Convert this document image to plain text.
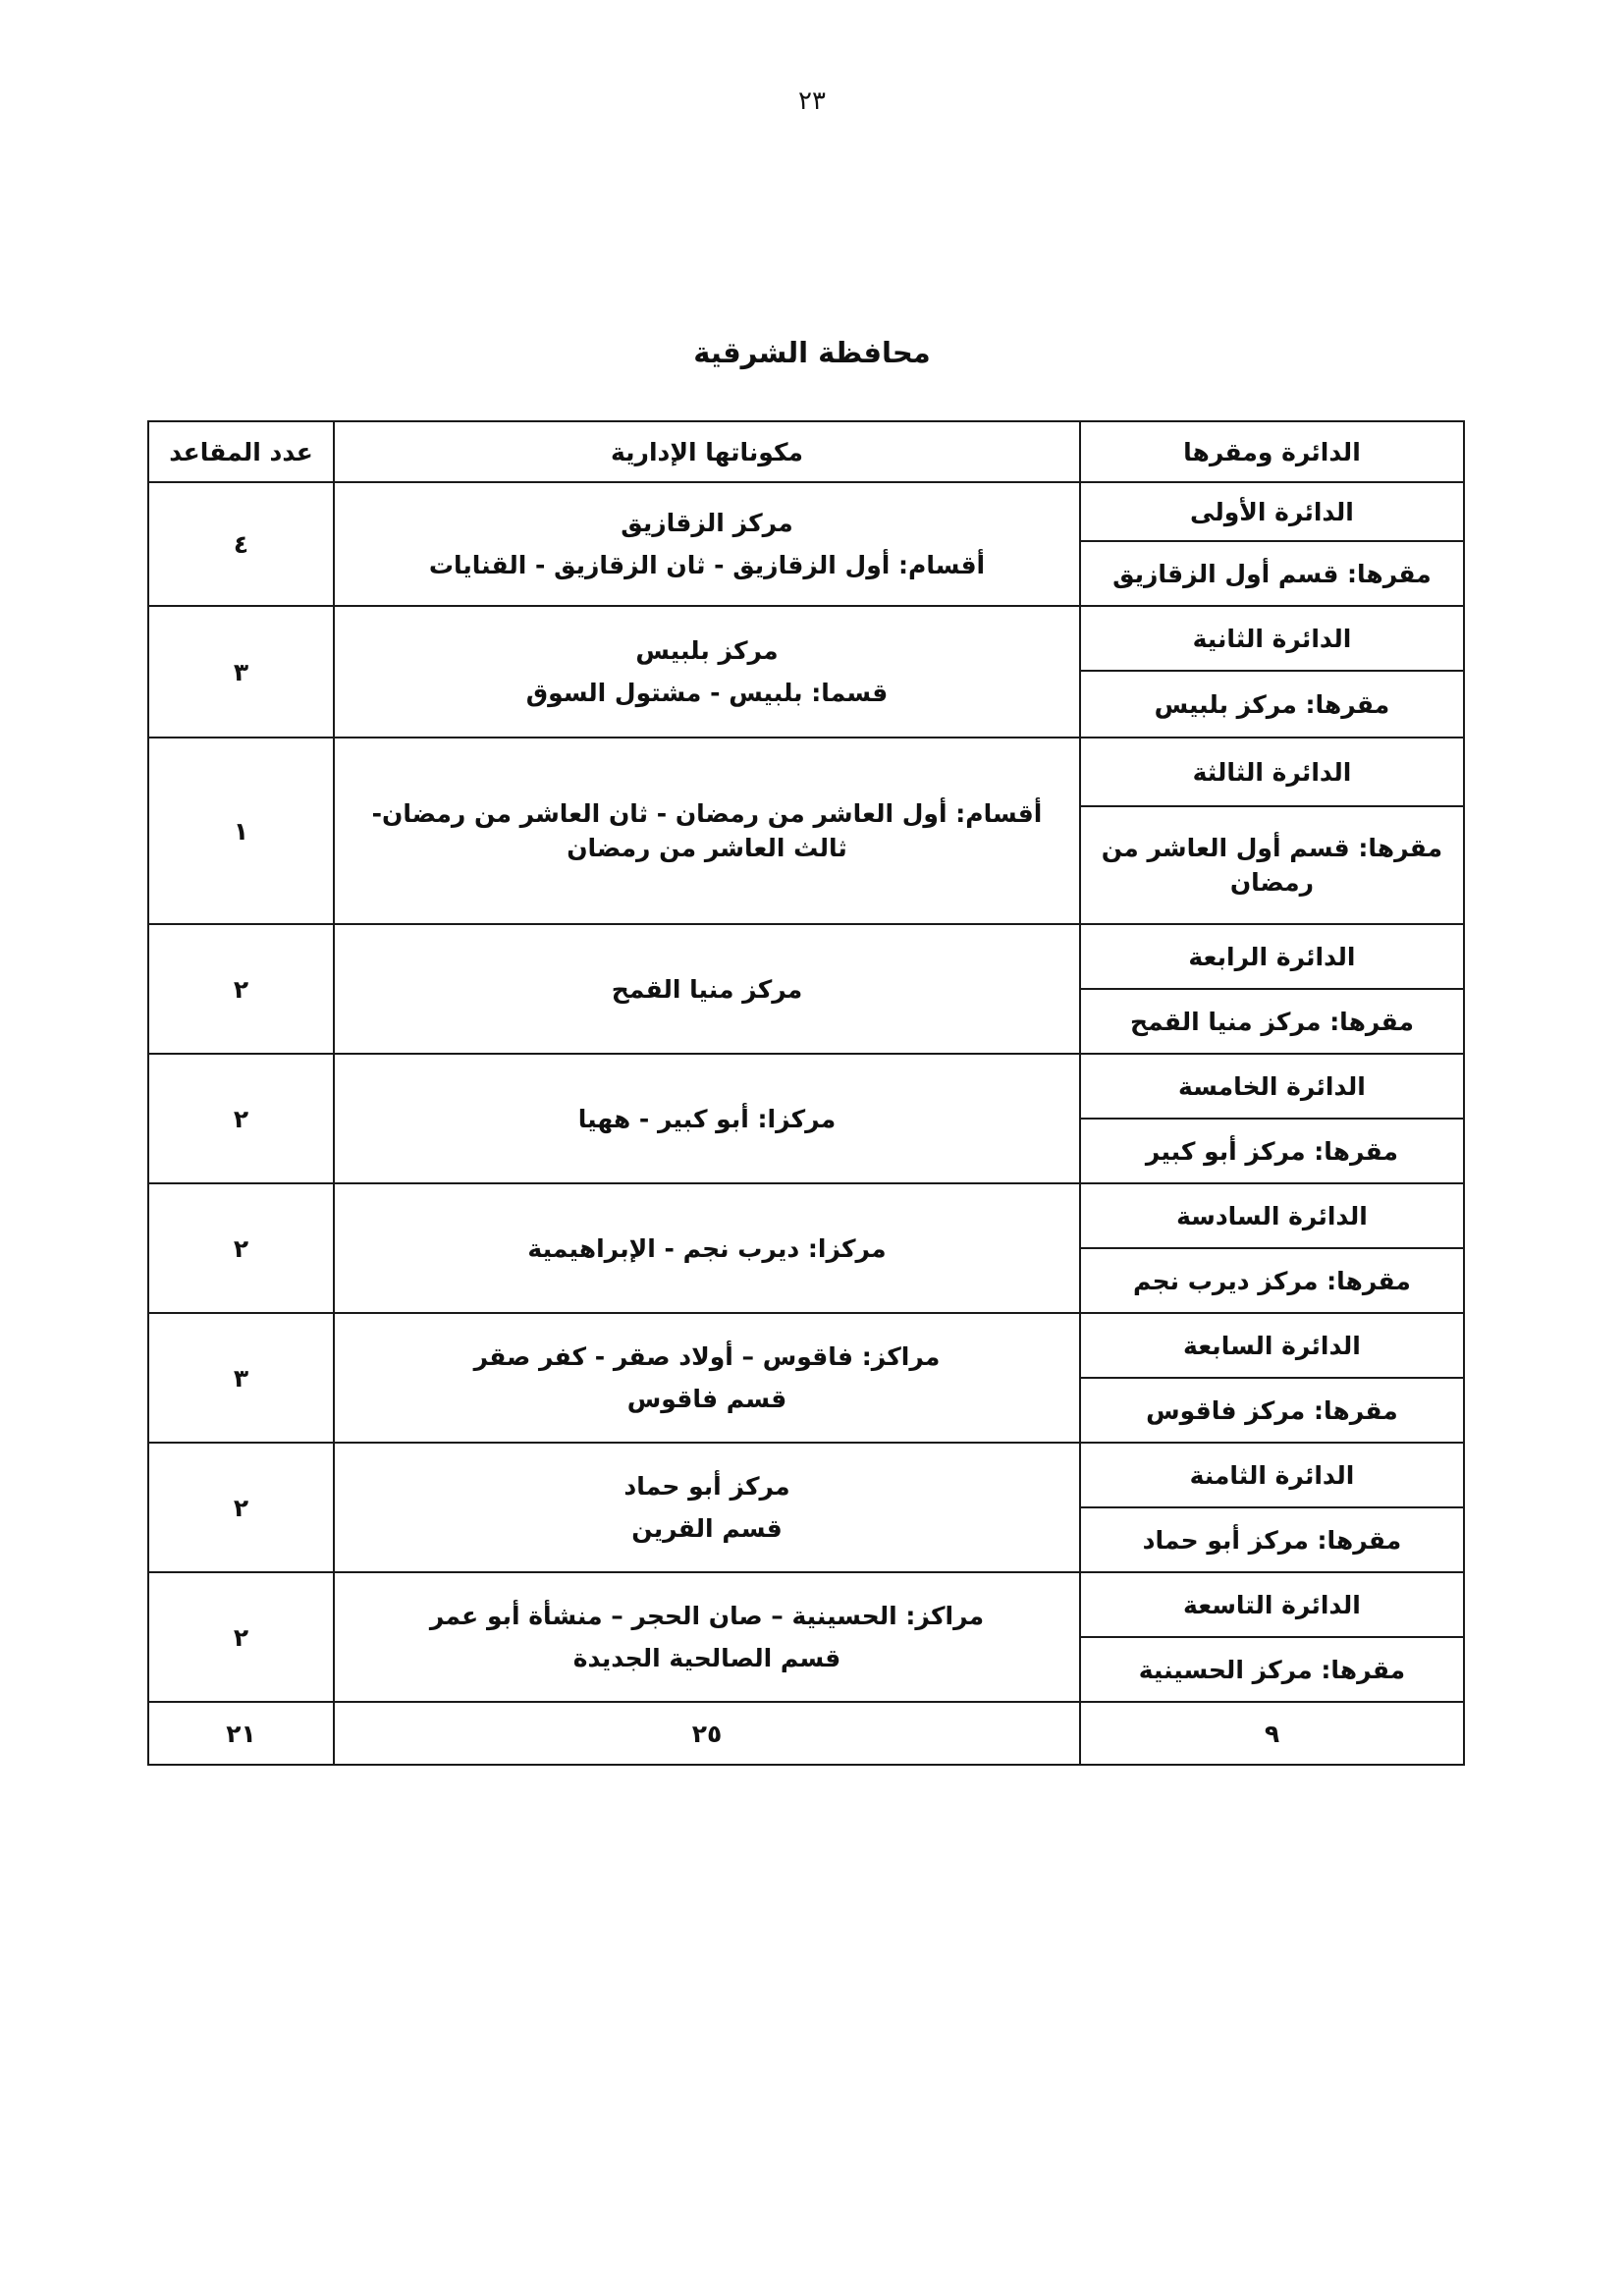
٢٣
محافظة الشرقية
الدائرة ومقرها	مكوناتها الإدارية	عدد المقاعد
الدائرة الأولى	مركز الزقازيق
أقسام: أول الزقازيق - ثان الزقازيق - القنايات	٤
مقرها: قسم أول الزقازيق		
الدائرة الثانية	مركز بلبيس
قسما: بلبيس - مشتول السوق	٣
مقرها: مركز بلبيس		
الدائرة الثالثة	أقسام: أول العاشر من رمضان - ثان العاشر من رمضان- ثالث العاشر من رمضان	١
مقرها: قسم أول العاشر من رمضان		
الدائرة الرابعة	مركز منيا القمح	٢
مقرها: مركز منيا القمح		
الدائرة الخامسة	مركزا: أبو كبير - ههيا	٢
مقرها: مركز أبو كبير		
الدائرة السادسة	مركزا: ديرب نجم - الإبراهيمية	٢
مقرها: مركز ديرب نجم		
الدائرة السابعة	مراكز: فاقوس – أولاد صقر - كفر صقر
قسم فاقوس	٣
مقرها: مركز فاقوس		
الدائرة الثامنة	مركز أبو حماد
قسم القرين	٢
مقرها: مركز أبو حماد		
الدائرة التاسعة	مراكز: الحسينية – صان الحجر – منشأة أبو عمر
قسم الصالحية الجديدة	٢
مقرها: مركز الحسينية		
٩	٢٥	٢١
